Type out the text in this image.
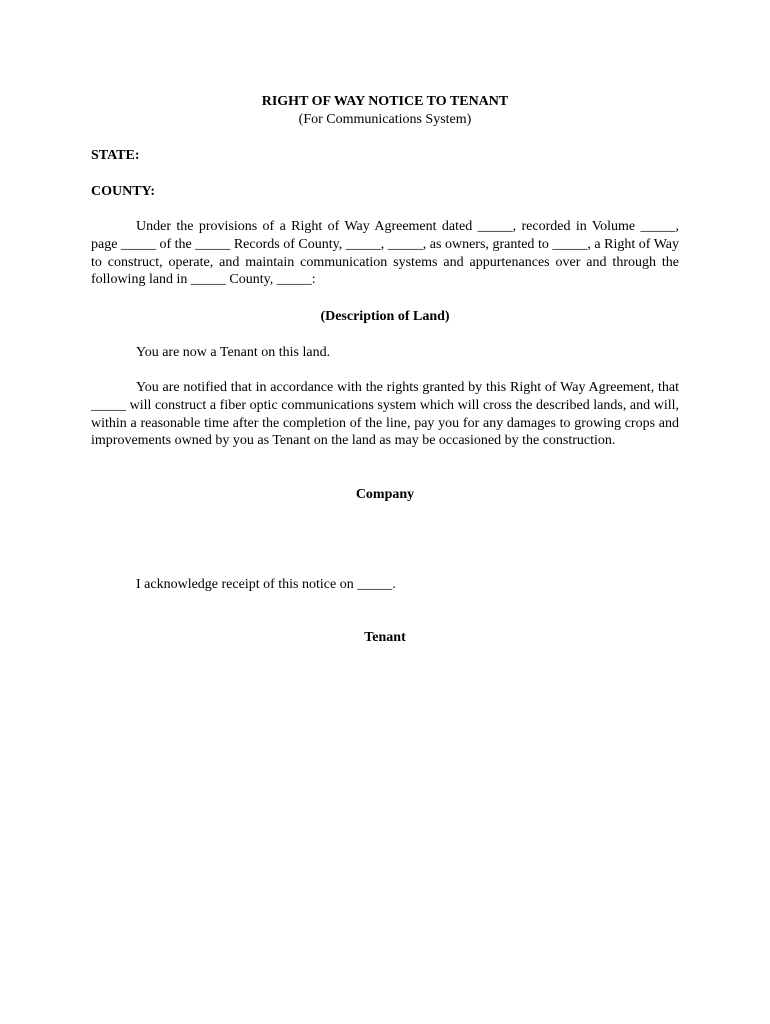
RIGHT OF WAY NOTICE TO TENANT
(For Communications System)
STATE:
COUNTY:
Under the provisions of a Right of Way Agreement dated _____, recorded in Volume _____, page _____ of the _____ Records of County, _____, _____, as owners, granted to _____, a Right of Way to construct, operate, and maintain communication systems and appurtenances over and through the following land in _____ County, _____:
(Description of Land)
You are now a Tenant on this land.
You are notified that in accordance with the rights granted by this Right of Way Agreement, that _____ will construct a fiber optic communications system which will cross the described lands, and will, within a reasonable time after the completion of the line, pay you for any damages to growing crops and improvements owned by you as Tenant on the land as may be occasioned by the construction.
Company
I acknowledge receipt of this notice on _____.
Tenant
